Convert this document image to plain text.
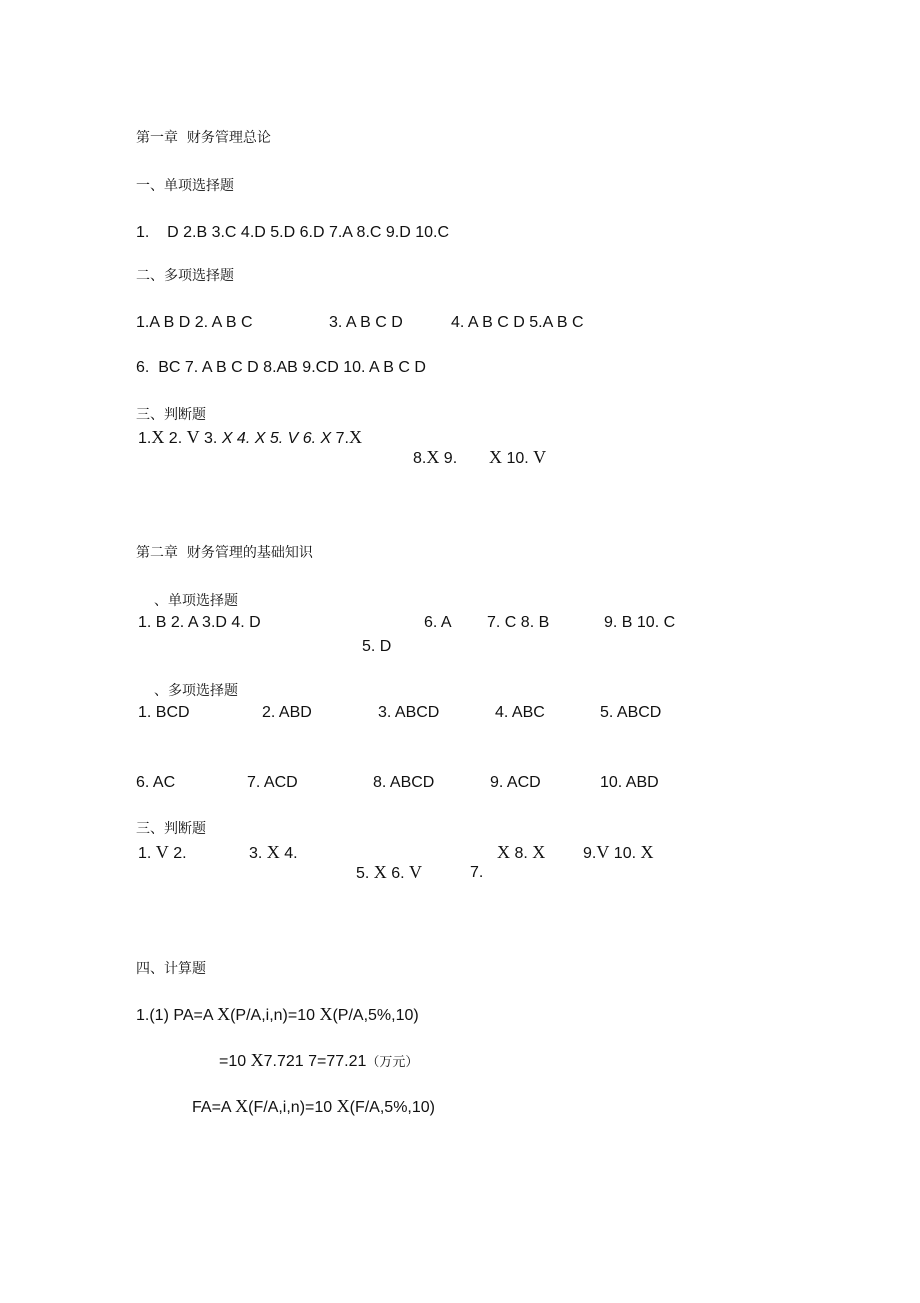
第一章  财务管理总论
一、单项选择题
1.    D 2.B 3.C 4.D 5.D 6.D 7.A 8.C 9.D 10.C
二、多项选择题
1.A B D 2. A B C	3. A B C D	4. A B C D 5.A B C
6.  BC 7. A B C D 8.AB 9.CD 10. A B C D
三、判断题
1.X 2. V 3. X 4. X 5. V 6. X 7.X
8.X 9. X 10. V
第二章  财务管理的基础知识
、单项选择题
1. B 2. A 3.D 4. D	6. A 7. C 8. B	9. B 10. C
5. D
、多项选择题
1. BCD	2. ABD	3. ABCD	4. ABC	5. ABCD
6. AC	7. ACD	8. ABCD	9. ACD	10. ABD
三、判断题
1. V 2.	3. X 4.	X 8. X 9.V 10. X
5. X 6. V	7.
四、计算题
1.(1) PA=A X(P/A,i,n)=10 X(P/A,5%,10)
=10 X7.721 7=77.21（万元）
FA=A X(F/A,i,n)=10 X(F/A,5%,10)
